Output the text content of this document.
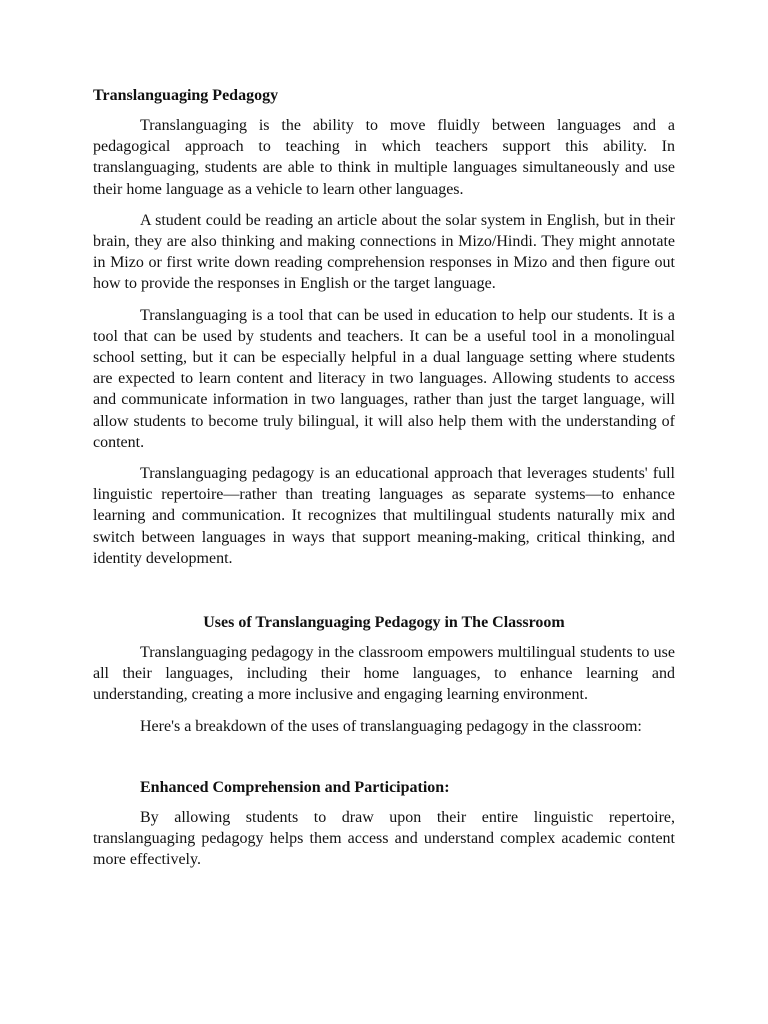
Translanguaging Pedagogy

Translanguaging is the ability to move fluidly between languages and a pedagogical approach to teaching in which teachers support this ability. In translanguaging, students are able to think in multiple languages simultaneously and use their home language as a vehicle to learn other languages.

A student could be reading an article about the solar system in English, but in their brain, they are also thinking and making connections in Mizo/Hindi. They might annotate in Mizo or first write down reading comprehension responses in Mizo and then figure out how to provide the responses in English or the target language.

Translanguaging is a tool that can be used in education to help our students. It is a tool that can be used by students and teachers. It can be a useful tool in a monolingual school setting, but it can be especially helpful in a dual language setting where students are expected to learn content and literacy in two languages. Allowing students to access and communicate information in two languages, rather than just the target language, will allow students to become truly bilingual, it will also help them with the understanding of content.

Translanguaging pedagogy is an educational approach that leverages students' full linguistic repertoire—rather than treating languages as separate systems—to enhance learning and communication. It recognizes that multilingual students naturally mix and switch between languages in ways that support meaning-making, critical thinking, and identity development.

Uses of Translanguaging Pedagogy in The Classroom

Translanguaging pedagogy in the classroom empowers multilingual students to use all their languages, including their home languages, to enhance learning and understanding, creating a more inclusive and engaging learning environment.

Here's a breakdown of the uses of translanguaging pedagogy in the classroom:

Enhanced Comprehension and Participation:

By allowing students to draw upon their entire linguistic repertoire, translanguaging pedagogy helps them access and understand complex academic content more effectively.
